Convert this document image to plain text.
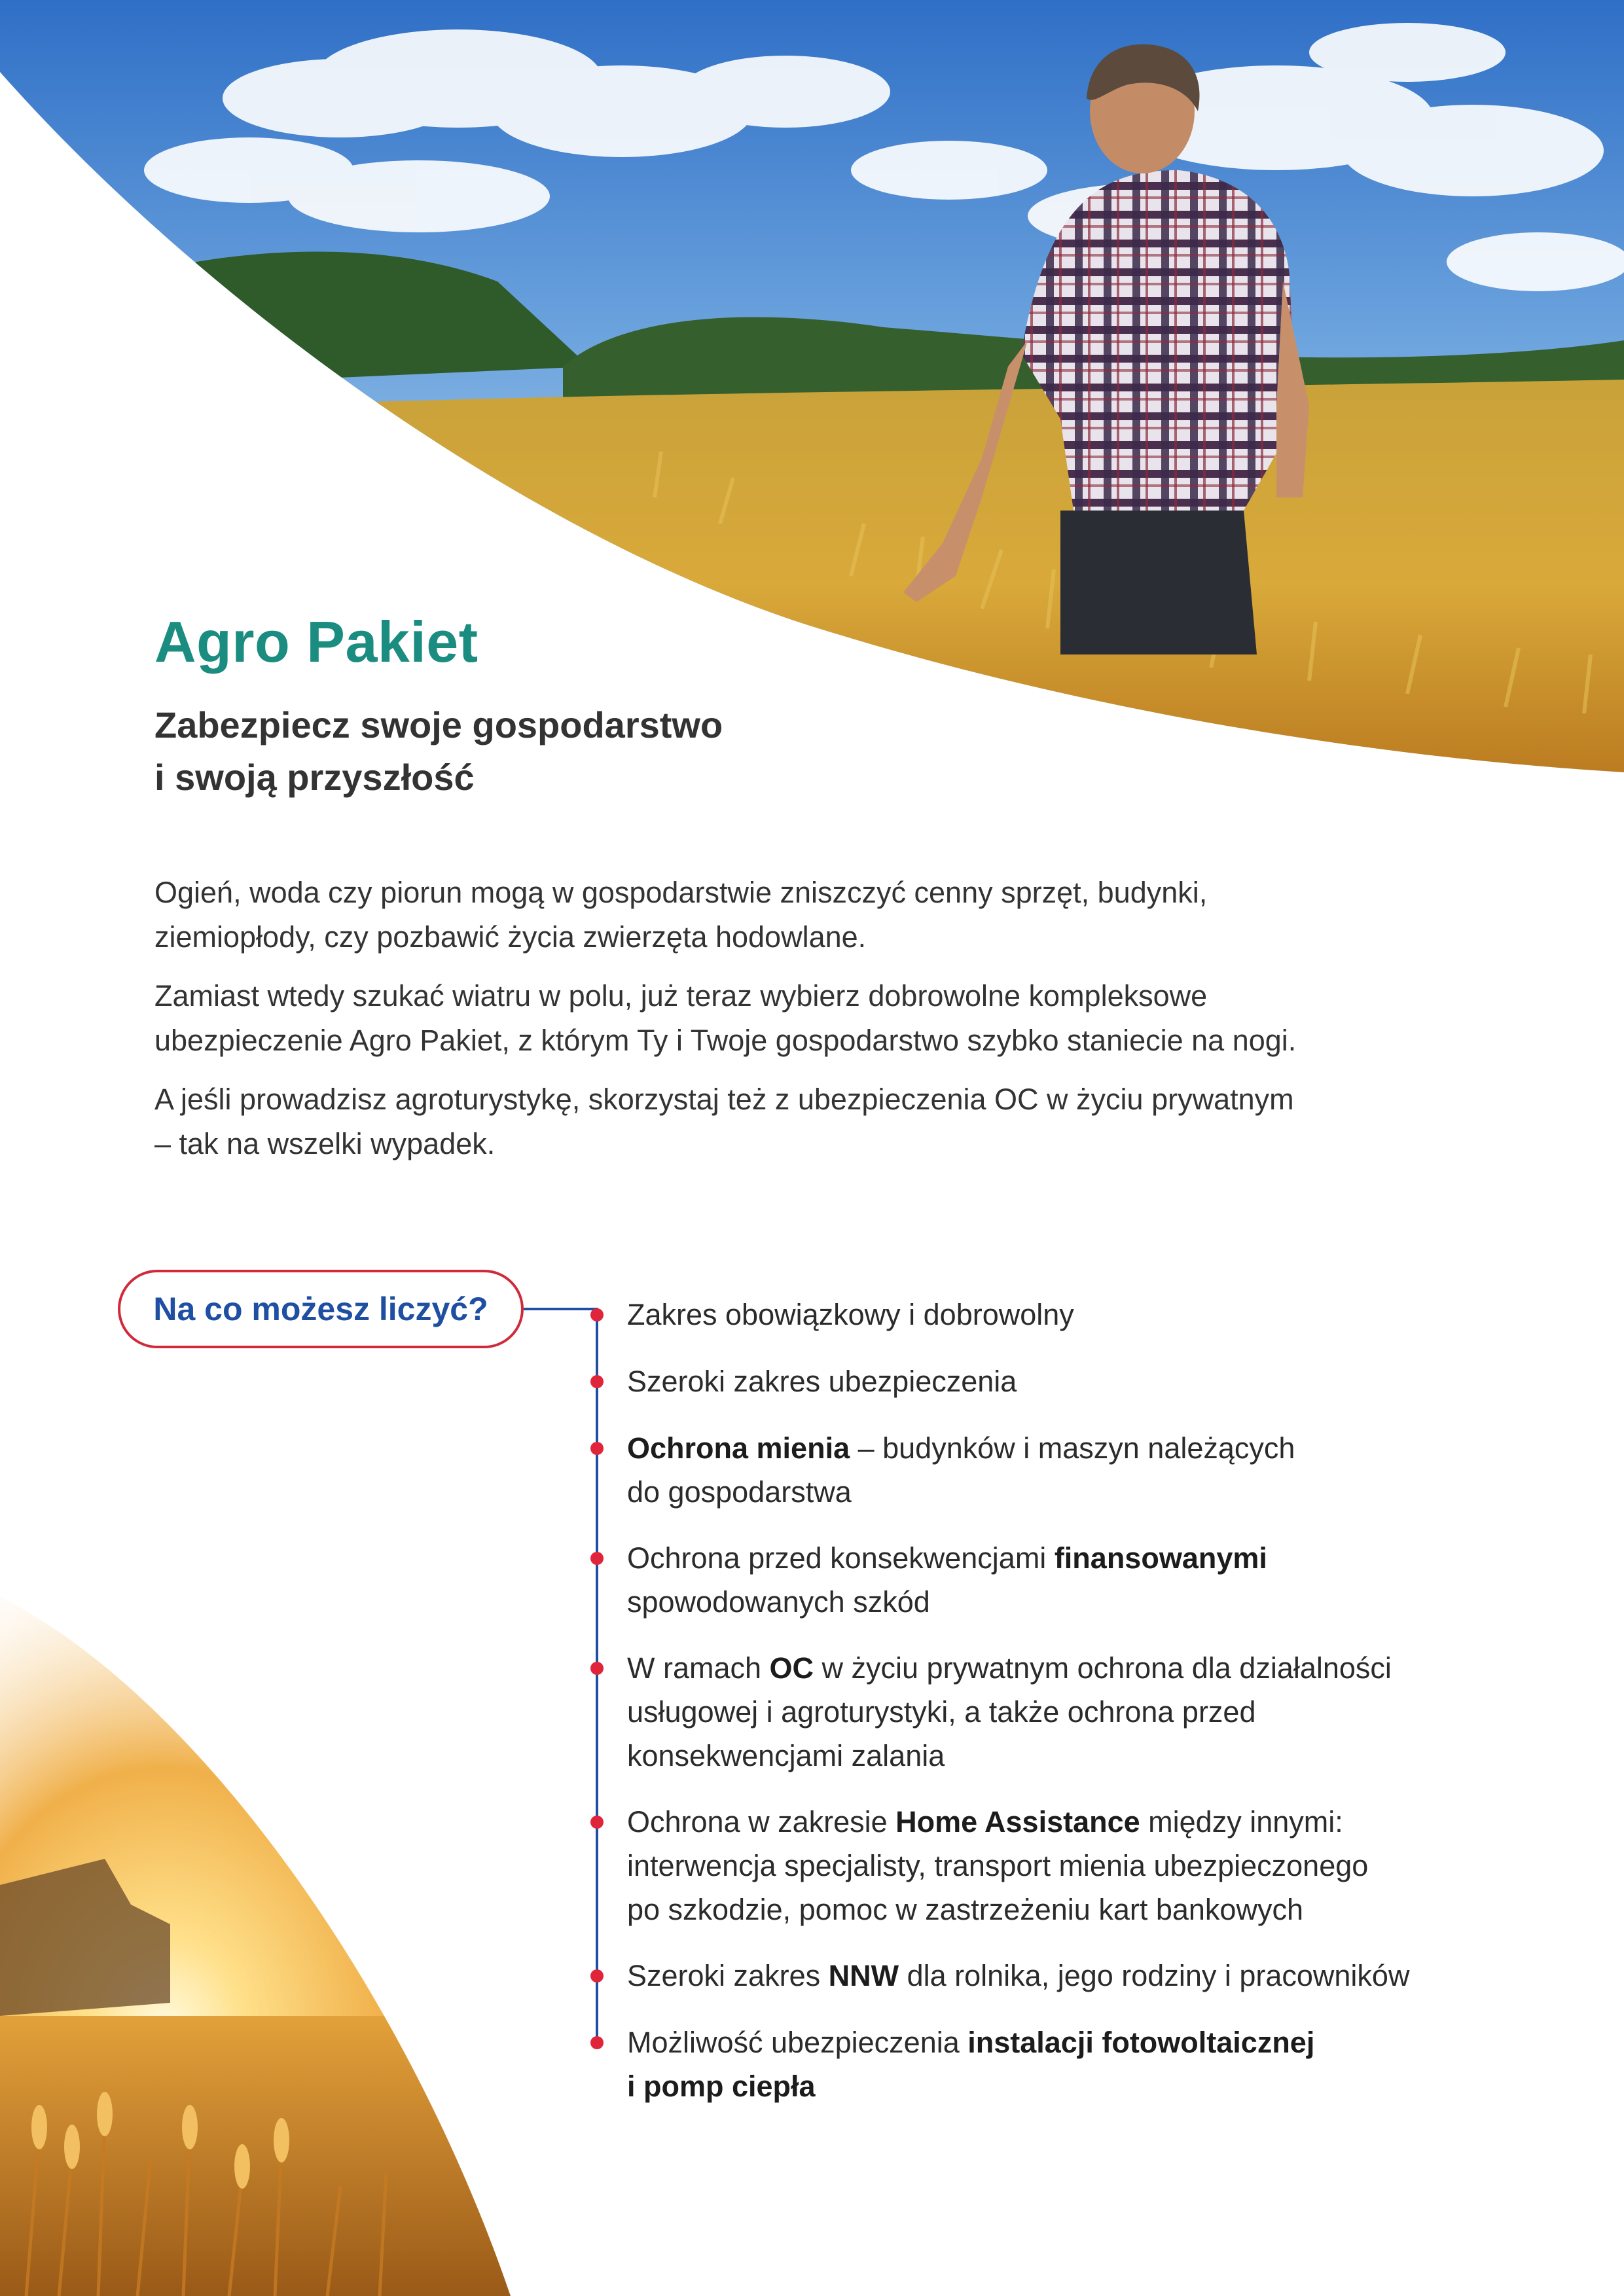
Agro Pakiet
Zabezpiecz swoje gospodarstwo
i swoją przyszłość

Ogień, woda czy piorun mogą w gospodarstwie zniszczyć cenny sprzęt, budynki,
ziemiopłody, czy pozbawić życia zwierzęta hodowlane.

Zamiast wtedy szukać wiatru w polu, już teraz wybierz dobrowolne kompleksowe
ubezpieczenie Agro Pakiet, z którym Ty i Twoje gospodarstwo szybko staniecie na nogi.

A jeśli prowadzisz agroturystykę, skorzystaj też z ubezpieczenia OC w życiu prywatnym
– tak na wszelki wypadek.

Na co możesz liczyć?	Zakres obowiązkowy i dobrowolny
Szeroki zakres ubezpieczenia
Ochrona mienia – budynków i maszyn należących
do gospodarstwa
Ochrona przed konsekwencjami finansowanymi
spowodowanych szkód
W ramach OC w życiu prywatnym ochrona dla działalności
usługowej i agroturystyki, a także ochrona przed
konsekwencjami zalania
Ochrona w zakresie Home Assistance między innymi:
interwencja specjalisty, transport mienia ubezpieczonego
po szkodzie, pomoc w zastrzeżeniu kart bankowych
Szeroki zakres NNW dla rolnika, jego rodziny i pracowników
Możliwość ubezpieczenia instalacji fotowoltaicznej
i pomp ciepła
